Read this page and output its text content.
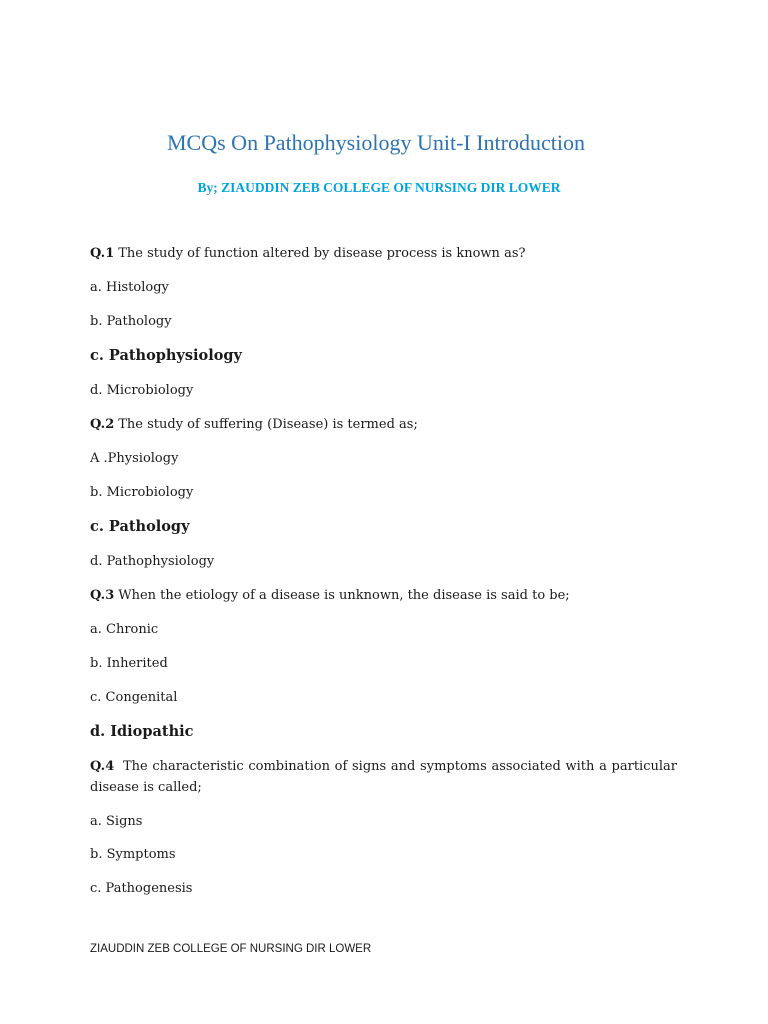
MCQs On Pathophysiology Unit-I Introduction
By; ZIAUDDIN ZEB COLLEGE OF NURSING DIR LOWER
Q.1 The study of function altered by disease process is known as?
a. Histology
b. Pathology
c. Pathophysiology
d. Microbiology
Q.2 The study of suffering (Disease) is termed as;
A .Physiology
b. Microbiology
c. Pathology
d. Pathophysiology
Q.3 When the etiology of a disease is unknown, the disease is said to be;
a. Chronic
b. Inherited
c. Congenital
d. Idiopathic
Q.4 The characteristic combination of signs and symptoms associated with a particular disease is called;
a. Signs
b. Symptoms
c. Pathogenesis
ZIAUDDIN ZEB COLLEGE OF NURSING DIR LOWER
